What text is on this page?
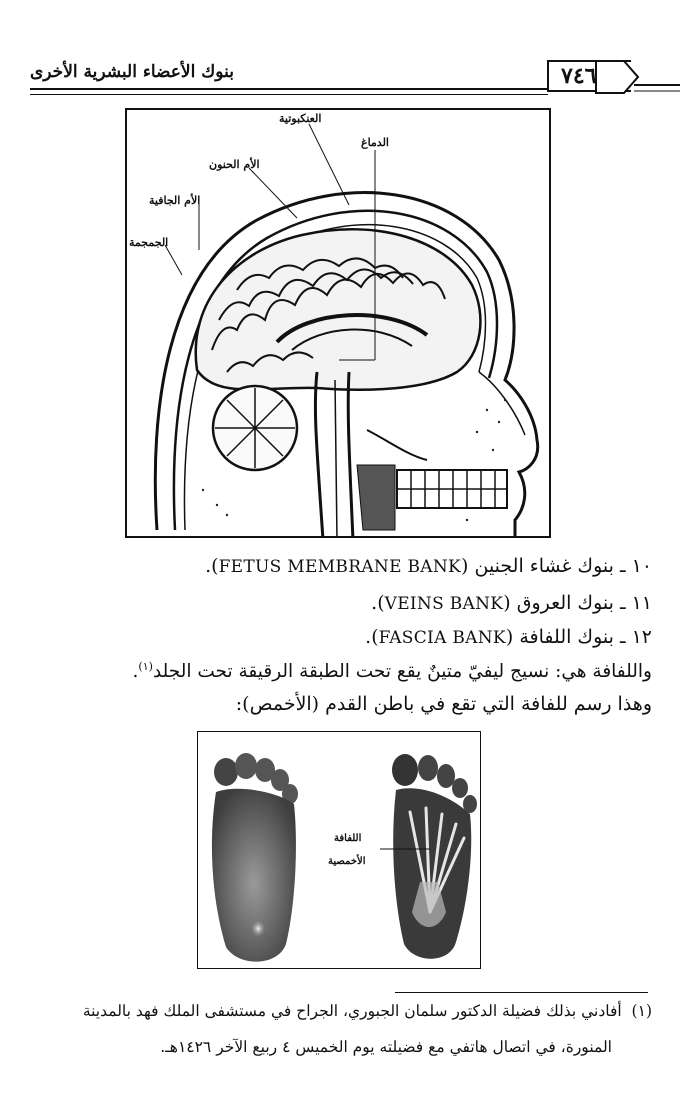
بنوك الأعضاء البشرية الأخرى	٧٤٦
العنكبوتية
الدماغ
الأم الحنون
الأم الجافية
الجمجمة
١٠ ـ بنوك غشاء الجنين (FETUS MEMBRANE BANK).
١١ ـ بنوك العروق (VEINS BANK).
١٢ ـ بنوك اللفافة (FASCIA BANK).
واللفافة هي: نسيج ليفيّ متينٌ يقع تحت الطبقة الرقيقة تحت الجلد$^{(١)}$.
وهذا رسم للفافة التي تقع في باطن القدم (الأخمص):
اللفافة
الأخمصية
(١)  أفادني بذلك فضيلة الدكتور سلمان الجبوري، الجراح في مستشفى الملك فهد بالمدينة
المنورة، في اتصال هاتفي مع فضيلته يوم الخميس ٤ ربيع الآخر ١٤٢٦هـ.
